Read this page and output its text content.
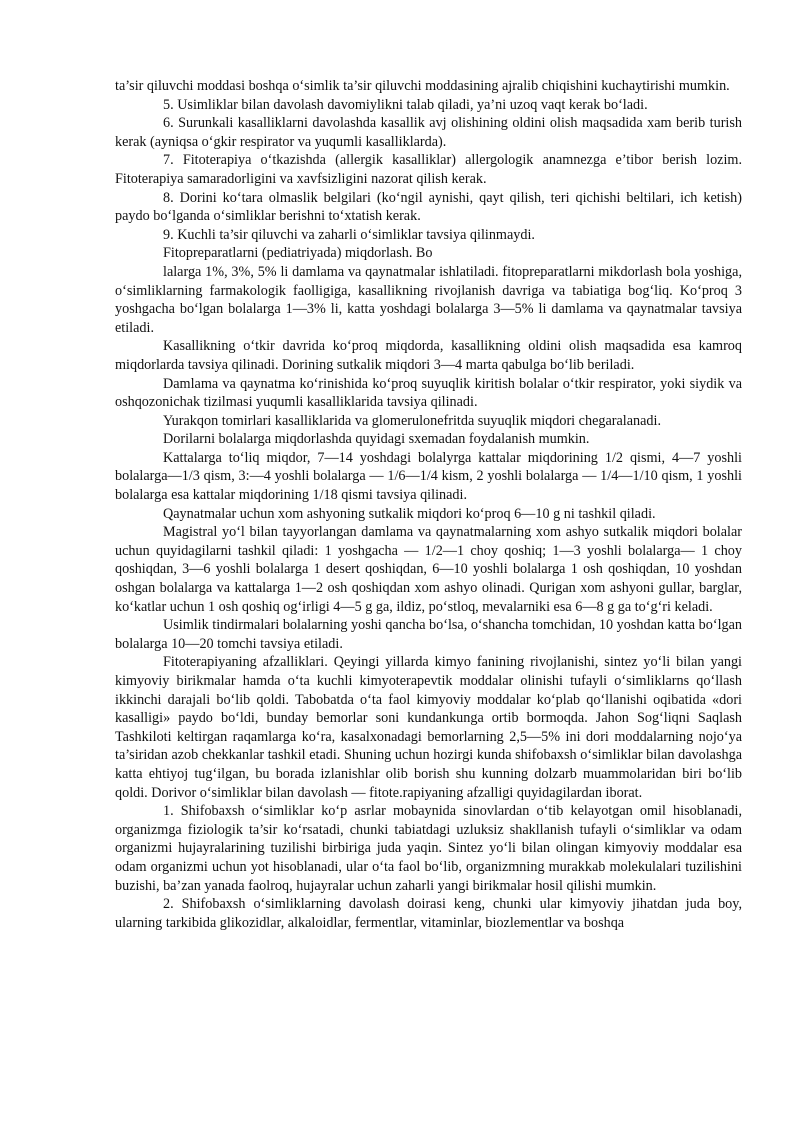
ta’sir qiluvchi moddasi boshqa o‘simlik ta’sir qiluvchi moddasining ajralib chiqishini kuchaytirishi mumkin.

5. Usimliklar bilan davolash davomiylikni talab qiladi, ya’ni uzoq vaqt kerak bo‘ladi.

6. Surunkali kasalliklarni davolashda kasallik avj olishining oldini olish maqsadida xam berib turish kerak (ayniqsa o‘gkir respirator va yuqumli kasalliklarda).

7. Fitoterapiya o‘tkazishda (allergik kasalliklar) allergologik anamnezga e’tibor berish lozim. Fitoterapiya samaradorligini va xavfsizligini nazorat qilish kerak.

8. Dorini ko‘tara olmaslik belgilari (ko‘ngil aynishi, qayt qilish, teri qichishi beltilari, ich ketish) paydo bo‘lganda o‘simliklar berishni to‘xtatish kerak.

9. Kuchli ta’sir qiluvchi va zaharli o‘simliklar tavsiya qilinmaydi.

Fitopreparatlarni (pediatriyada) miqdorlash. Bo

lalarga 1%, 3%, 5% li damlama va qaynatmalar ishlatiladi. fitopreparatlarni mikdorlash bola yoshiga, o‘simliklarning farmakologik faolligiga, kasallikning rivojlanish davriga va tabiatiga bog‘liq. Ko‘proq 3 yoshgacha bo‘lgan bolalarga 1—3% li, katta yoshdagi bolalarga 3—5% li damlama va qaynatmalar tavsiya etiladi.

Kasallikning o‘tkir davrida ko‘proq miqdorda, kasallikning oldini olish maqsadida esa kamroq miqdorlarda tavsiya qilinadi. Dorining sutkalik miqdori 3—4 marta qabulga bo‘lib beriladi.

Damlama va qaynatma ko‘rinishida ko‘proq suyuqlik kiritish bolalar o‘tkir respirator, yoki siydik va oshqozonichak tizilmasi yuqumli kasalliklarida tavsiya qilinadi.

Yurakqon tomirlari kasalliklarida va glomerulonefritda suyuqlik miqdori chegaralanadi.

Dorilarni bolalarga miqdorlashda quyidagi sxemadan foydalanish mumkin.

Kattalarga to‘liq miqdor, 7—14 yoshdagi bolalyrga kattalar miqdorining 1/2 qismi, 4—7 yoshli bolalarga—1/3 qism, 3:—4 yoshli bolalarga — 1/6—1/4 kism, 2 yoshli bolalarga — 1/4—1/10 qism, 1 yoshli bolalarga esa kattalar miqdorining 1/18 qismi tavsiya qilinadi.

Qaynatmalar uchun xom ashyoning sutkalik miqdori ko‘proq 6—10 g ni tashkil qiladi.

Magistral yo‘l bilan tayyorlangan damlama va qaynatmalarning xom ashyo sutkalik miqdori bolalar uchun quyidagilarni tashkil qiladi: 1 yoshgacha — 1/2—1 choy qoshiq; 1—3 yoshli bolalarga— 1 choy qoshiqdan, 3—6 yoshli bolalarga 1 desert qoshiqdan, 6—10 yoshli bolalarga 1 osh qoshiqdan, 10 yoshdan oshgan bolalarga va kattalarga 1—2 osh qoshiqdan xom ashyo olinadi. Qurigan xom ashyoni gullar, barglar, ko‘katlar uchun 1 osh qoshiq og‘irligi 4—5 g ga, ildiz, po‘stloq, mevalarniki esa 6—8 g ga to‘g‘ri keladi.

Usimlik tindirmalari bolalarning yoshi qancha bo‘lsa, o‘shancha tomchidan, 10 yoshdan katta bo‘lgan bolalarga 10—20 tomchi tavsiya etiladi.

Fitoterapiyaning afzalliklari. Qeyingi yillarda kimyo fanining rivojlanishi, sintez yo‘li bilan yangi kimyoviy birikmalar hamda o‘ta kuchli kimyoterapevtik moddalar olinishi tufayli o‘simliklarns qo‘llash ikkinchi darajali bo‘lib qoldi. Tabobatda o‘ta faol kimyoviy moddalar ko‘plab qo‘llanishi oqibatida «dori kasalligi» paydo bo‘ldi, bunday bemorlar soni kundankunga ortib bormoqda. Jahon Sog‘liqni Saqlash Tashkiloti keltirgan raqamlarga ko‘ra, kasalxonadagi bemorlarning 2,5—5% ini dori moddalarning nojo‘ya ta’siridan azob chekkanlar tashkil etadi. Shuning uchun hozirgi kunda shifobaxsh o‘simliklar bilan davolashga katta ehtiyoj tug‘ilgan, bu borada izlanishlar olib borish shu kunning dolzarb muammolaridan biri bo‘lib qoldi. Dorivor o‘simliklar bilan davolash — fitote.rapiyaning afzalligi quyidagilardan iborat.

1. Shifobaxsh o‘simliklar ko‘p asrlar mobaynida sinovlardan o‘tib kelayotgan omil hisoblanadi, organizmga fiziologik ta’sir ko‘rsatadi, chunki tabiatdagi uzluksiz shakllanish tufayli o‘simliklar va odam organizmi hujayralarining tuzilishi birbiriga juda yaqin. Sintez yo‘li bilan olingan kimyoviy moddalar esa odam organizmi uchun yot hisoblanadi, ular o‘ta faol bo‘lib, organizmning murakkab molekulalari tuzilishini buzishi, ba’zan yanada faolroq, hujayralar uchun zaharli yangi birikmalar hosil qilishi mumkin.

2. Shifobaxsh o‘simliklarning davolash doirasi keng, chunki ular kimyoviy jihatdan juda boy, ularning tarkibida glikozidlar, alkaloidlar, fermentlar, vitaminlar, biozlementlar va boshqa
